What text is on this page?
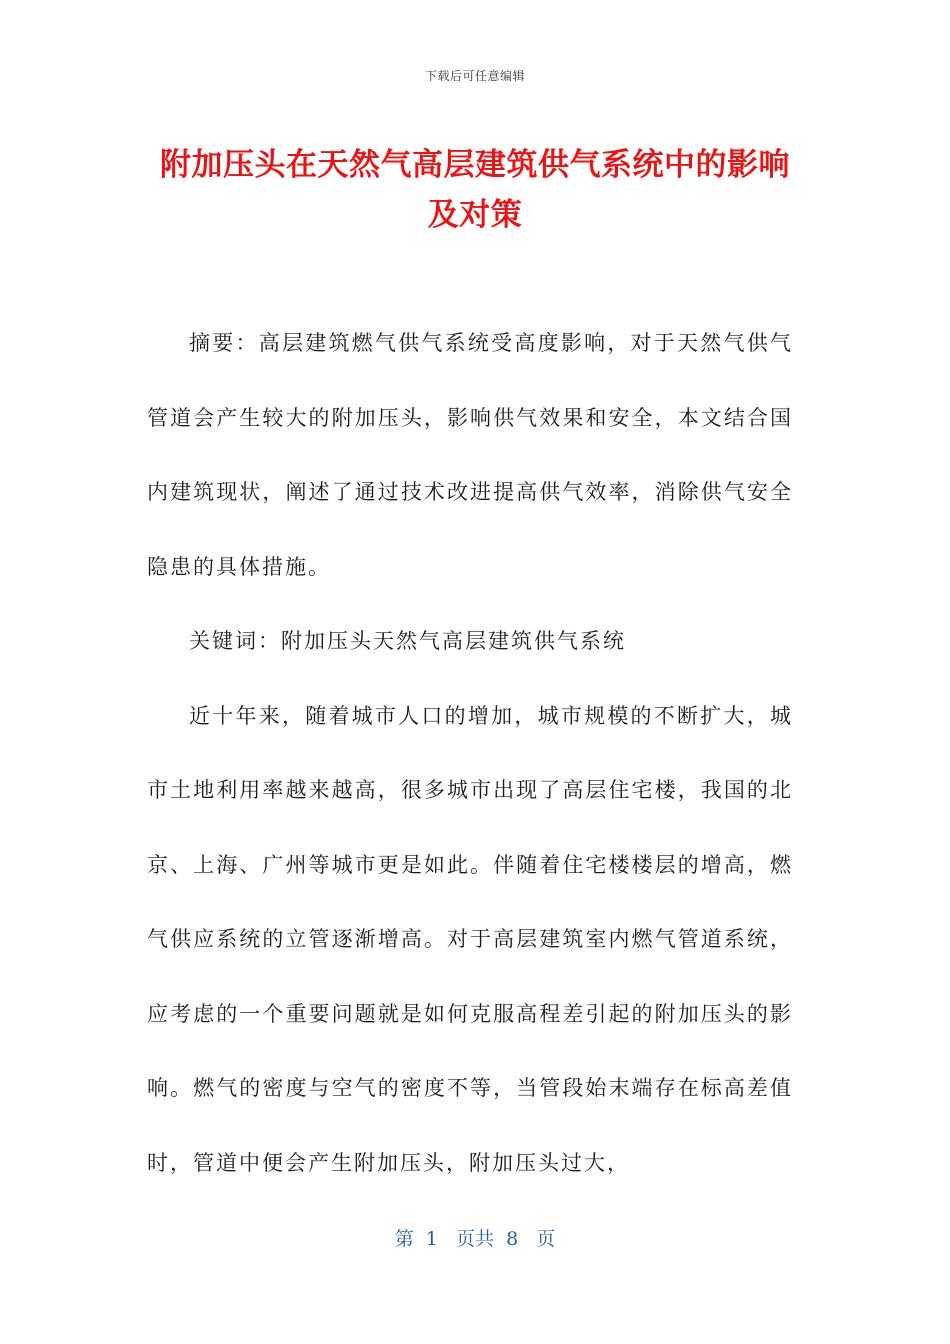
下载后可任意编辑
附加压头在天然气高层建筑供气系统中的影响及对策

摘要：高层建筑燃气供气系统受高度影响，对于天然气供气管道会产生较大的附加压头，影响供气效果和安全，本文结合国内建筑现状，阐述了通过技术改进提高供气效率，消除供气安全隐患的具体措施。

关键词：附加压头天然气高层建筑供气系统

近十年来，随着城市人口的增加，城市规模的不断扩大，城市土地利用率越来越高，很多城市出现了高层住宅楼，我国的北京、上海、广州等城市更是如此。伴随着住宅楼楼层的增高，燃气供应系统的立管逐渐增高。对于高层建筑室内燃气管道系统，应考虑的一个重要问题就是如何克服高程差引起的附加压头的影响。燃气的密度与空气的密度不等，当管段始末端存在标高差值时，管道中便会产生附加压头，附加压头过大，

第  1   页共  8   页
